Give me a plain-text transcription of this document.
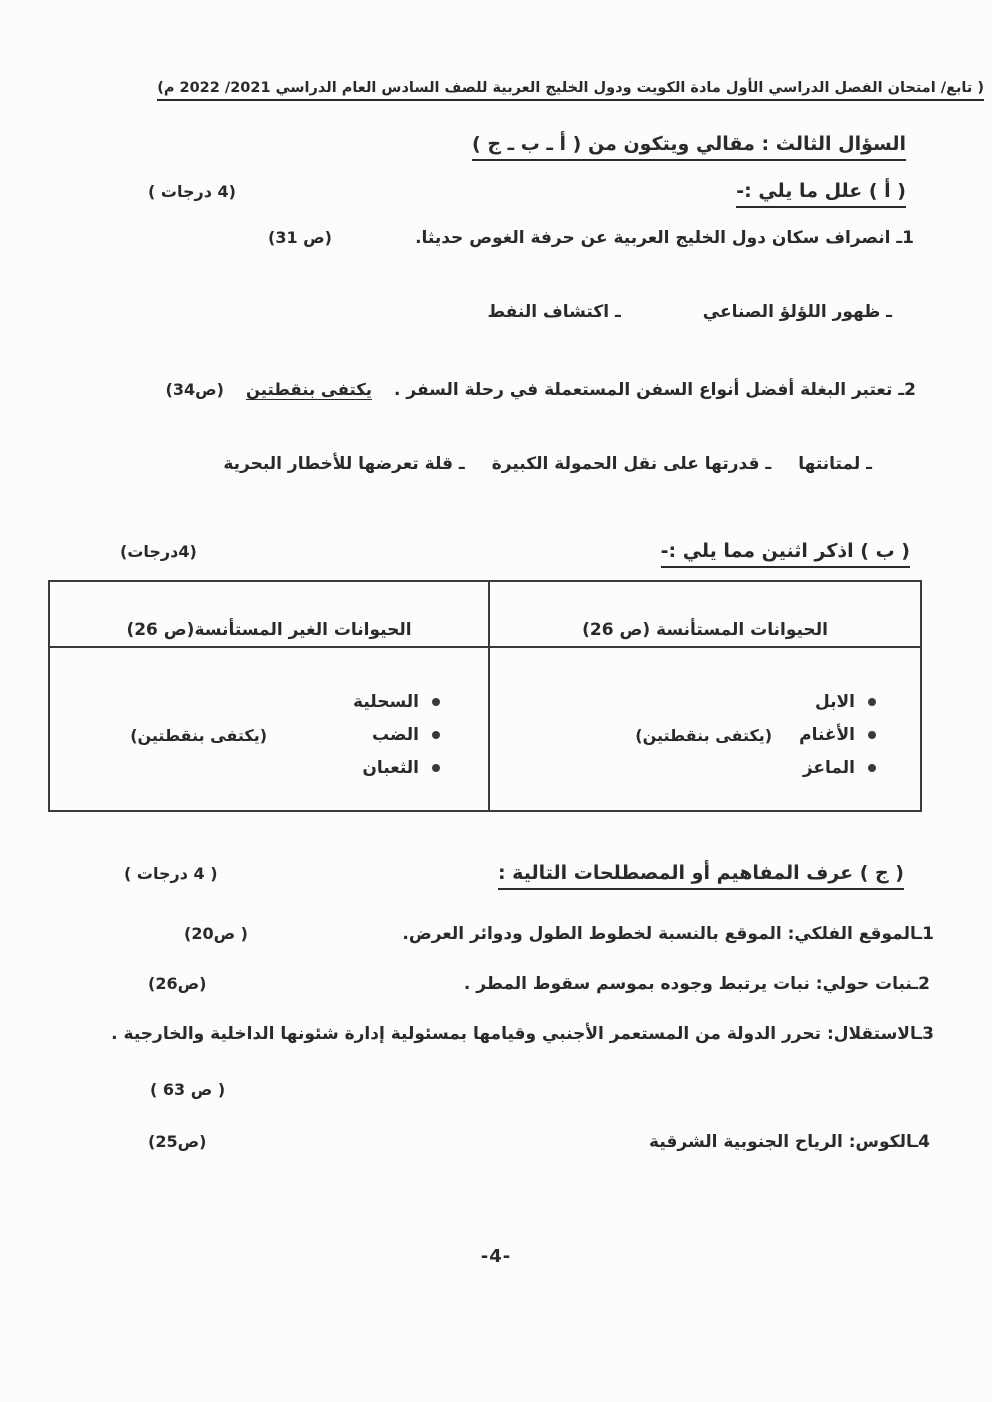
( تابع/ امتحان الفصل الدراسي الأول مادة الكويت ودول الخليج العربية للصف السادس العام الدراسي 2021/ 2022 م)
السؤال الثالث : مقالي ويتكون من ( أ ـ ب ـ ج )
( أ ) علل ما يلي :-
(4 درجات )
1ـ انصراف سكان دول الخليج العربية عن حرفة الغوص حديثا.
(ص 31)
ـ ظهور اللؤلؤ الصناعي
ـ اكتشاف النفط
2ـ تعتبر البغلة أفضل أنواع السفن المستعملة في رحلة السفر .
يكتفى بنقطتين
(ص34)
ـ لمتانتها
ـ قدرتها على نقل الحمولة الكبيرة
ـ قلة تعرضها للأخطار البحرية
( ب ) اذكر اثنين مما يلي :-
(4درجات)
الحيوانات المستأنسة (ص 26)
الحيوانات الغير المستأنسة(ص 26)
الابل
الأغنام
(يكتفى بنقطتين)
الماعز
السحلية
الضب
(يكتفى بنقطتين)
الثعبان
( ج ) عرف المفاهيم أو المصطلحات التالية :
( 4 درجات )
1ـالموقع الفلكي: الموقع بالنسبة لخطوط الطول ودوائر العرض.
( ص20)
2ـنبات حولي: نبات يرتبط وجوده بموسم سقوط المطر .
(ص26)
3ـالاستقلال: تحرر الدولة من المستعمر الأجنبي وقيامها بمسئولية إدارة شئونها الداخلية والخارجية .
( ص 63 )
4ـالكوس: الرياح الجنوبية الشرقية
(ص25)
-4-
